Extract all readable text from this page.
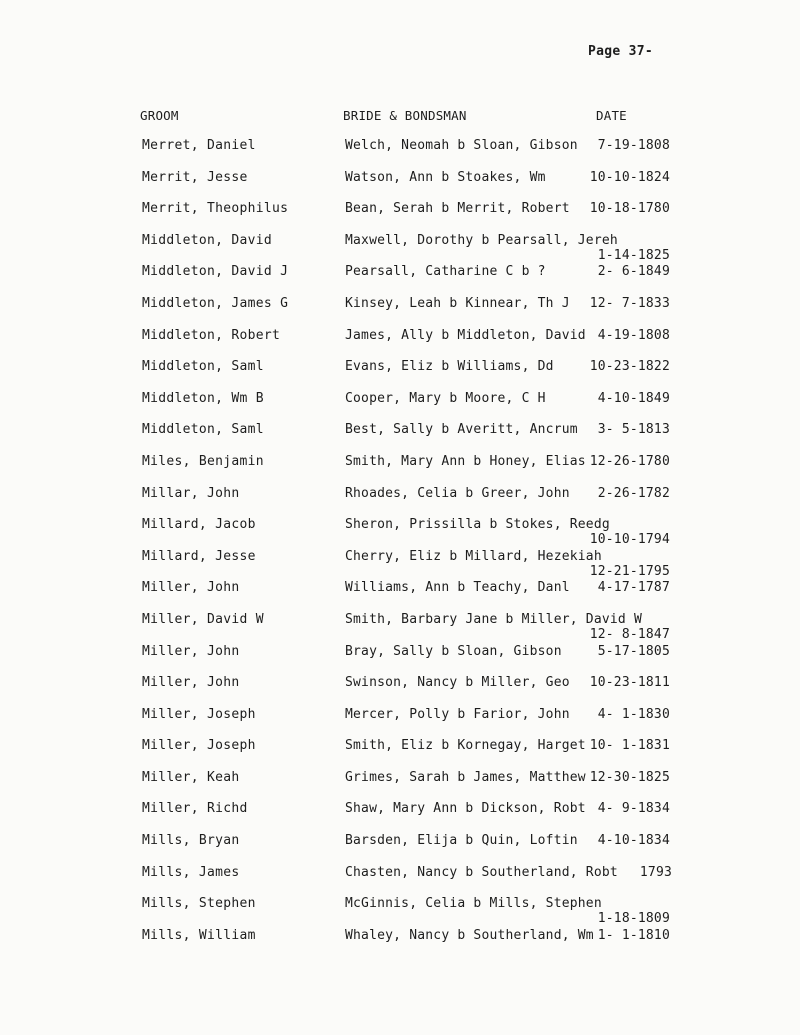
Page 37-
GROOM	BRIDE & BONDSMAN	DATE
Merret, Daniel	Welch, Neomah b Sloan, Gibson 7-19-1808
Merrit, Jesse	Watson, Ann b Stoakes, Wm	10-10-1824
Merrit, Theophilus	Bean, Serah b Merrit, Robert 10-18-1780
Middleton, David	Maxwell, Dorothy b Pearsall, Jereh
1-14-1825
Middleton, David J	Pearsall, Catharine C b ?	2- 6-1849
Middleton, James G	Kinsey, Leah b Kinnear, Th J 12- 7-1833
Middleton, Robert	James, Ally b Middleton, David 4-19-1808
Middleton, Saml	Evans, Eliz b Williams, Dd	10-23-1822
Middleton, Wm B	Cooper, Mary b Moore, C H	4-10-1849
Middleton, Saml	Best, Sally b Averitt, Ancrum 3- 5-1813
Miles, Benjamin	Smith, Mary Ann b Honey, Elias 12-26-1780
Millar, John	Rhoades, Celia b Greer, John 2-26-1782
Millard, Jacob	Sheron, Prissilla b Stokes, Reedg
10-10-1794
Millard, Jesse	Cherry, Eliz b Millard, Hezekiah
12-21-1795
Miller, John	Williams, Ann b Teachy, Danl 4-17-1787
Miller, David W	Smith, Barbary Jane b Miller, David W
12- 8-1847
Miller, John	Bray, Sally b Sloan, Gibson	5-17-1805
Miller, John	Swinson, Nancy b Miller, Geo 10-23-1811
Miller, Joseph	Mercer, Polly b Farior, John 4- 1-1830
Miller, Joseph	Smith, Eliz b Kornegay, Harget 10- 1-1831
Miller, Keah	Grimes, Sarah b James, Matthew 12-30-1825
Miller, Richd	Shaw, Mary Ann b Dickson, Robt 4- 9-1834
Mills, Bryan	Barsden, Elija b Quin, Loftin 4-10-1834
Mills, James	Chasten, Nancy b Southerland, Robt 1793
Mills, Stephen	McGinnis, Celia b Mills, Stephen
1-18-1809
Mills, William	Whaley, Nancy b Southerland, Wm 1- 1-1810
